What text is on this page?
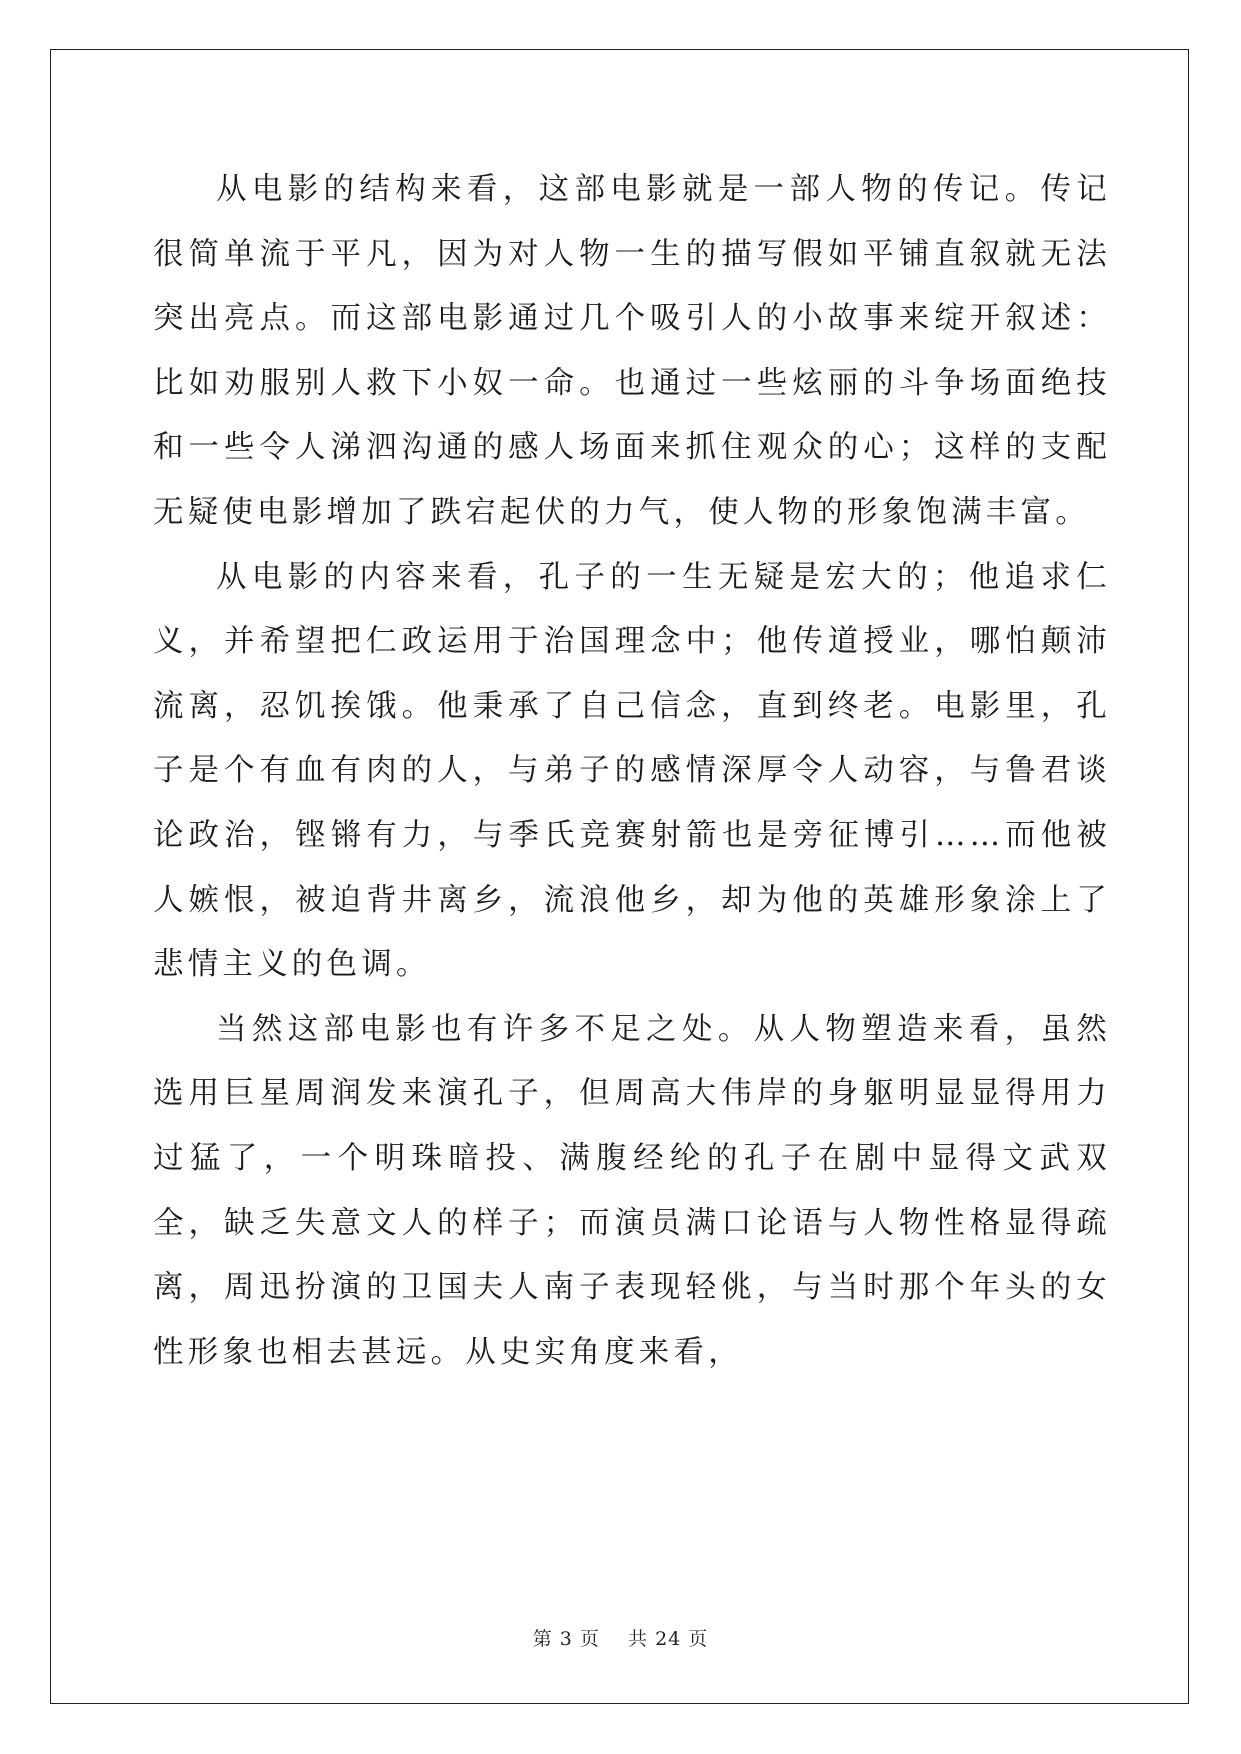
从电影的结构来看，这部电影就是一部人物的传记。传记很简单流于平凡，因为对人物一生的描写假如平铺直叙就无法突出亮点。而这部电影通过几个吸引人的小故事来绽开叙述：比如劝服别人救下小奴一命。也通过一些炫丽的斗争场面绝技和一些令人涕泗沟通的感人场面来抓住观众的心；这样的支配无疑使电影增加了跌宕起伏的力气，使人物的形象饱满丰富。

从电影的内容来看，孔子的一生无疑是宏大的；他追求仁义，并希望把仁政运用于治国理念中；他传道授业，哪怕颠沛流离，忍饥挨饿。他秉承了自己信念，直到终老。电影里，孔子是个有血有肉的人，与弟子的感情深厚令人动容，与鲁君谈论政治，铿锵有力，与季氏竞赛射箭也是旁征博引……而他被人嫉恨，被迫背井离乡，流浪他乡，却为他的英雄形象涂上了悲情主义的色调。

当然这部电影也有许多不足之处。从人物塑造来看，虽然选用巨星周润发来演孔子，但周高大伟岸的身躯明显显得用力过猛了，一个明珠暗投、满腹经纶的孔子在剧中显得文武双全，缺乏失意文人的样子；而演员满口论语与人物性格显得疏离，周迅扮演的卫国夫人南子表现轻佻，与当时那个年头的女性形象也相去甚远。从史实角度来看，

第 3 页    共 24 页
